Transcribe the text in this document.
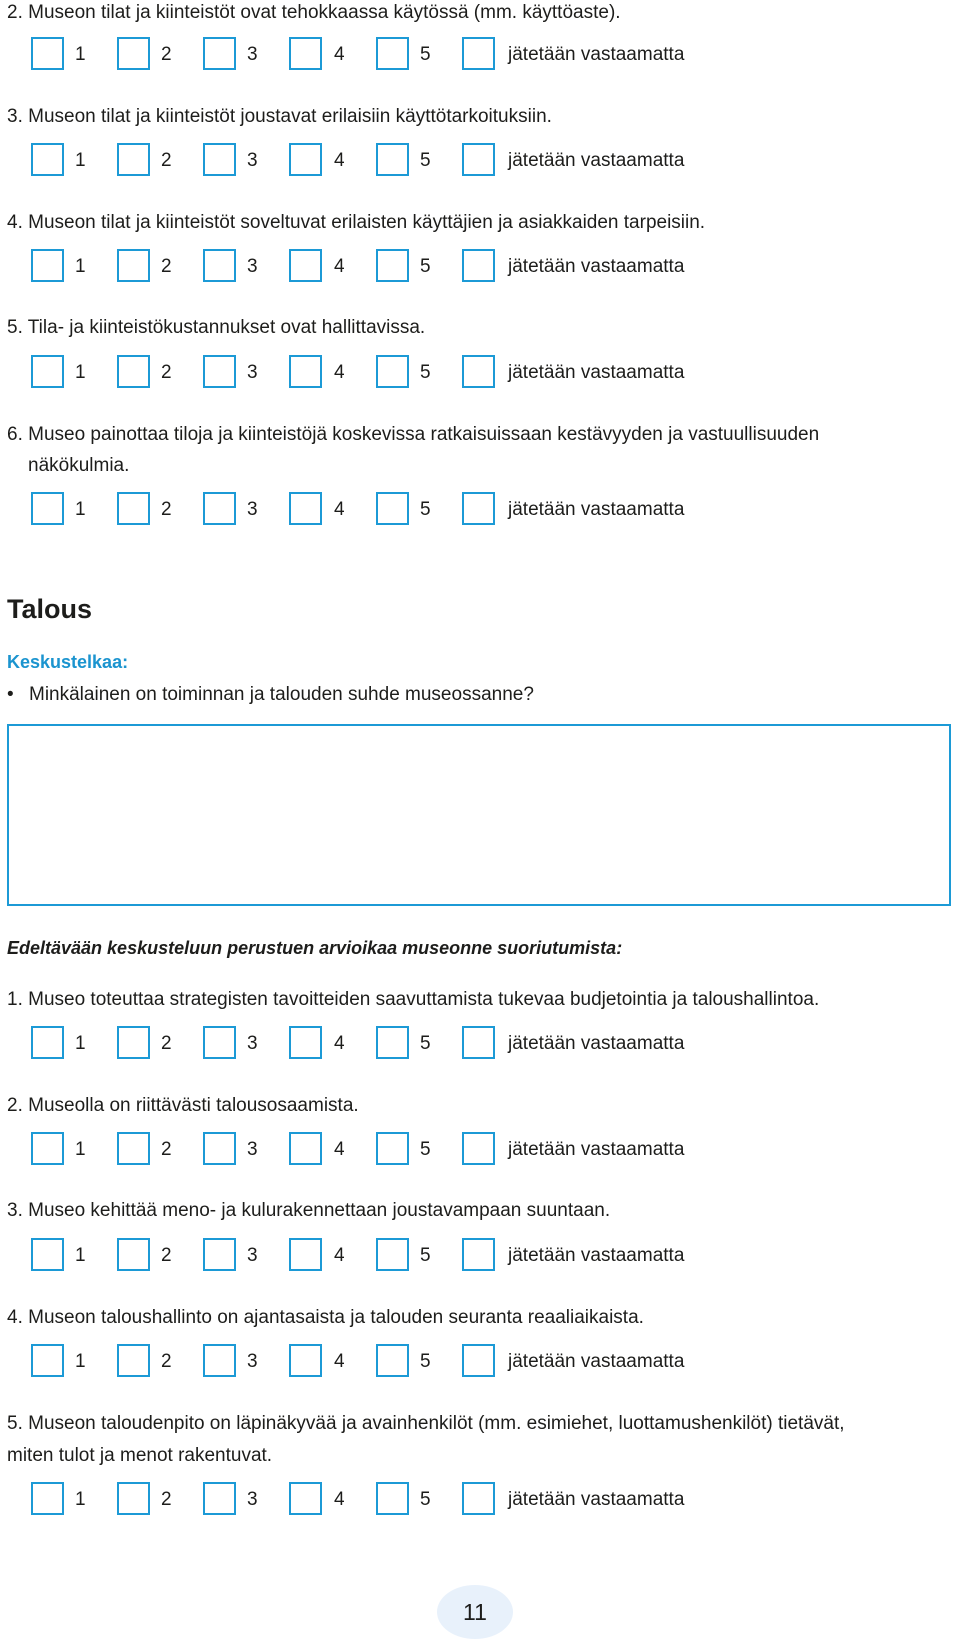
2. Museon tilat ja kiinteistöt ovat tehokkaassa käytössä (mm. käyttöaste).

1	2	3	4	5	jätetään vastaamatta

3. Museon tilat ja kiinteistöt joustavat erilaisiin käyttötarkoituksiin.

1	2	3	4	5	jätetään vastaamatta

4. Museon tilat ja kiinteistöt soveltuvat erilaisten käyttäjien ja asiakkaiden tarpeisiin.

1	2	3	4	5	jätetään vastaamatta

5. Tila- ja kiinteistökustannukset ovat hallittavissa.

1	2	3	4	5	jätetään vastaamatta

6. Museo painottaa tiloja ja kiinteistöjä koskevissa ratkaisuissaan kestävyyden ja vastuullisuuden

näkökulmia.

1	2	3	4	5	jätetään vastaamatta
Talous

Keskustelkaa:

• Minkälainen on toiminnan ja talouden suhde museossanne?

Edeltävään keskusteluun perustuen arvioikaa museonne suoriutumista:

1. Museo toteuttaa strategisten tavoitteiden saavuttamista tukevaa budjetointia ja taloushallintoa.

1	2	3	4	5	jätetään vastaamatta

2. Museolla on riittävästi talousosaamista.

1	2	3	4	5	jätetään vastaamatta

3. Museo kehittää meno- ja kulurakennettaan joustavampaan suuntaan.

1	2	3	4	5	jätetään vastaamatta

4. Museon taloushallinto on ajantasaista ja talouden seuranta reaaliaikaista.

1	2	3	4	5	jätetään vastaamatta

5. Museon taloudenpito on läpinäkyvää ja avainhenkilöt (mm. esimiehet, luottamushenkilöt) tietävät,

miten tulot ja menot rakentuvat.

1	2	3	4	5	jätetään vastaamatta
11
